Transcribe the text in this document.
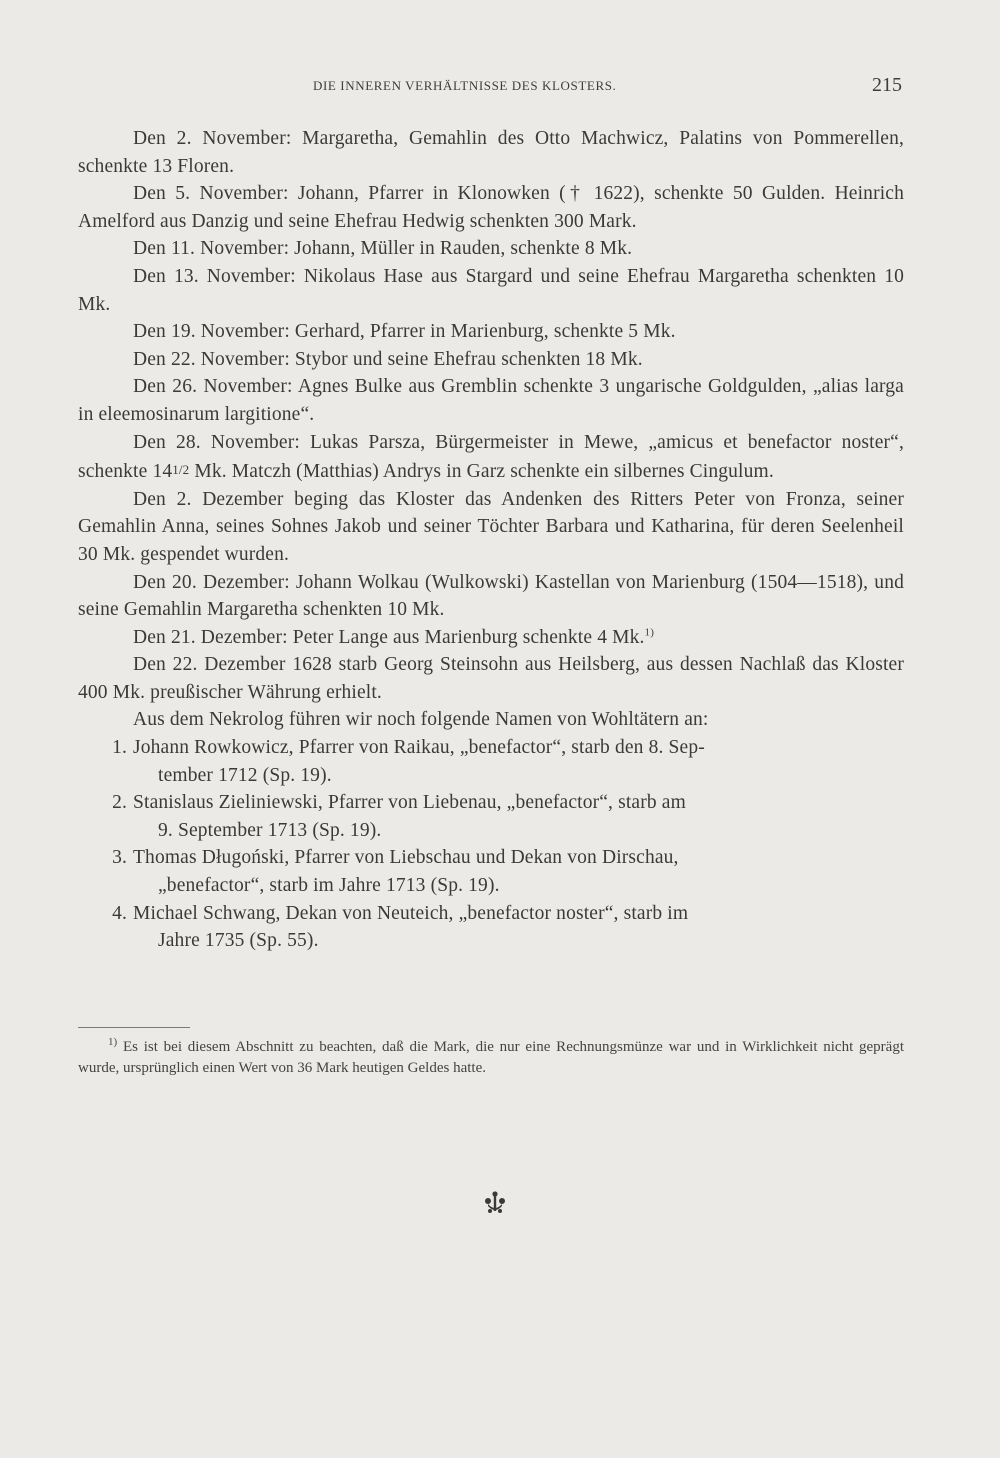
DIE INNEREN VERHÄLTNISSE DES KLOSTERS.	215

Den 2. November: Margaretha, Gemahlin des Otto Machwicz, Palatins von Pommerellen, schenkte 13 Floren.

Den 5. November: Johann, Pfarrer in Klonowken († 1622), schenkte 50 Gulden. Heinrich Amelford aus Danzig und seine Ehefrau Hedwig schenkten 300 Mark.

Den 11. November: Johann, Müller in Rauden, schenkte 8 Mk.

Den 13. November: Nikolaus Hase aus Stargard und seine Ehefrau Margaretha schenkten 10 Mk.

Den 19. November: Gerhard, Pfarrer in Marienburg, schenkte 5 Mk.

Den 22. November: Stybor und seine Ehefrau schenkten 18 Mk.

Den 26. November: Agnes Bulke aus Gremblin schenkte 3 ungarische Goldgulden, „alias larga in eleemosinarum largitione“.

Den 28. November: Lukas Parsza, Bürgermeister in Mewe, „amicus et benefactor noster“, schenkte 141/2 Mk. Matczh (Matthias) Andrys in Garz schenkte ein silbernes Cingulum.

Den 2. Dezember beging das Kloster das Andenken des Ritters Peter von Fronza, seiner Gemahlin Anna, seines Sohnes Jakob und seiner Töchter Barbara und Katharina, für deren Seelenheil 30 Mk. gespendet wurden.

Den 20. Dezember: Johann Wolkau (Wulkowski) Kastellan von Marienburg (1504—1518), und seine Gemahlin Margaretha schenkten 10 Mk.

Den 21. Dezember: Peter Lange aus Marienburg schenkte 4 Mk.$^{1)}$

Den 22. Dezember 1628 starb Georg Steinsohn aus Heilsberg, aus dessen Nachlaß das Kloster 400 Mk. preußischer Währung erhielt.

Aus dem Nekrolog führen wir noch folgende Namen von Wohltätern an:

1. Johann Rowkowicz, Pfarrer von Raikau, „benefactor“, starb den 8. Sep-
tember 1712 (Sp. 19).
2. Stanislaus Zieliniewski, Pfarrer von Liebenau, „benefactor“, starb am
9. September 1713 (Sp. 19).
3. Thomas Długoński, Pfarrer von Liebschau und Dekan von Dirschau,
„benefactor“, starb im Jahre 1713 (Sp. 19).
4. Michael Schwang, Dekan von Neuteich, „benefactor noster“, starb im
Jahre 1735 (Sp. 55).
$^{1)}$ Es ist bei diesem Abschnitt zu beachten, daß die Mark, die nur eine Rechnungsmünze war und in Wirklichkeit nicht geprägt wurde, ursprünglich einen Wert von 36 Mark heutigen Geldes hatte.
